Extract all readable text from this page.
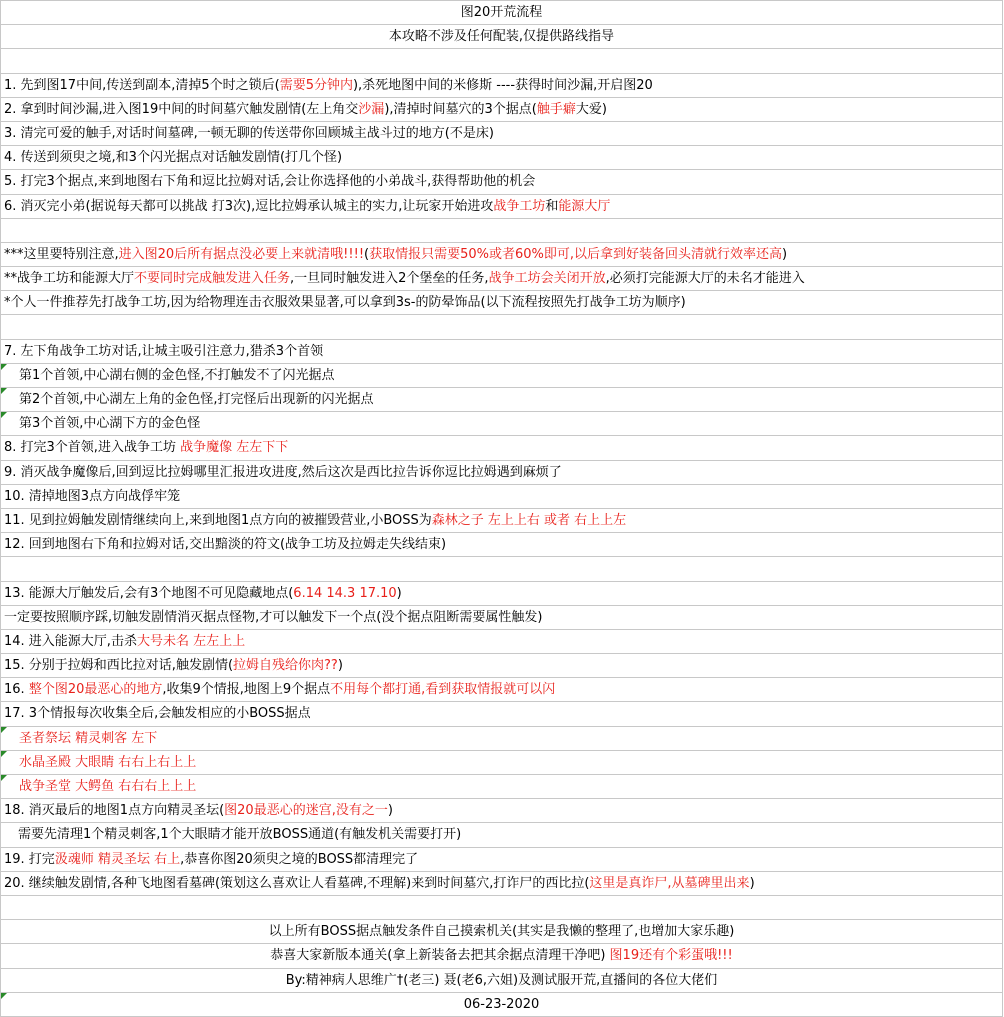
图20开荒流程
本攻略不涉及任何配装,仅提供路线指导
1. 先到图17中间,传送到副本,清掉5个时之锁后(需要5分钟内),杀死地图中间的米修斯 ----获得时间沙漏,开启图20
2. 拿到时间沙漏,进入图19中间的时间墓穴触发剧情(左上角交沙漏),清掉时间墓穴的3个据点(触手癖大爱)
3. 清完可爱的触手,对话时间墓碑,一顿无聊的传送带你回顾城主战斗过的地方(不是床)
4. 传送到须臾之境,和3个闪光据点对话触发剧情(打几个怪)
5. 打完3个据点,来到地图右下角和逗比拉姆对话,会让你选择他的小弟战斗,获得帮助他的机会
6. 消灭完小弟(据说每天都可以挑战 打3次),逗比拉姆承认城主的实力,让玩家开始进攻战争工坊和能源大厅
***这里要特别注意,进入图20后所有据点没必要上来就清哦!!!!(获取情报只需要50%或者60%即可,以后拿到好装备回头清就行效率还高)
**战争工坊和能源大厅不要同时完成触发进入任务,一旦同时触发进入2个堡垒的任务,战争工坊会关闭开放,必须打完能源大厅的未名才能进入
*个人一件推荐先打战争工坊,因为给物理连击衣服效果显著,可以拿到3s-的防晕饰品(以下流程按照先打战争工坊为顺序)
7. 左下角战争工坊对话,让城主吸引注意力,猎杀3个首领
第1个首领,中心湖右侧的金色怪,不打触发不了闪光据点
第2个首领,中心湖左上角的金色怪,打完怪后出现新的闪光据点
第3个首领,中心湖下方的金色怪
8. 打完3个首领,进入战争工坊 战争魔像 左左下下
9. 消灭战争魔像后,回到逗比拉姆哪里汇报进攻进度,然后这次是西比拉告诉你逗比拉姆遇到麻烦了
10. 清掉地图3点方向战俘牢笼
11. 见到拉姆触发剧情继续向上,来到地图1点方向的被摧毁营业,小BOSS为森林之子 左上上右 或者 右上上左
12. 回到地图右下角和拉姆对话,交出黯淡的符文(战争工坊及拉姆走失线结束)
13. 能源大厅触发后,会有3个地图不可见隐藏地点(6.14 14.3 17.10)
一定要按照顺序踩,切触发剧情消灭据点怪物,才可以触发下一个点(没个据点阻断需要属性触发)
14. 进入能源大厅,击杀大号未名 左左上上
15. 分别于拉姆和西比拉对话,触发剧情(拉姆自残给你肉??)
16. 整个图20最恶心的地方,收集9个情报,地图上9个据点不用每个都打通,看到获取情报就可以闪
17. 3个情报每次收集全后,会触发相应的小BOSS据点
圣者祭坛 精灵刺客 左下
水晶圣殿 大眼睛 右右上右上上
战争圣堂 大鳄鱼 右右右上上上
18. 消灭最后的地图1点方向精灵圣坛(图20最恶心的迷宫,没有之一)
需要先清理1个精灵刺客,1个大眼睛才能开放BOSS通道(有触发机关需要打开)
19. 打完汲魂师 精灵圣坛 右上,恭喜你图20须臾之境的BOSS都清理完了
20. 继续触发剧情,各种飞地图看墓碑(策划这么喜欢让人看墓碑,不理解)来到时间墓穴,打诈尸的西比拉(这里是真诈尸,从墓碑里出来)
以上所有BOSS据点触发条件自己摸索机关(其实是我懒的整理了,也增加大家乐趣)
恭喜大家新版本通关(拿上新装备去把其余据点清理干净吧) 图19还有个彩蛋哦!!!
By:精神病人思维广†(老三) 聂(老6,六姐)及测试服开荒,直播间的各位大佬们
06-23-2020
